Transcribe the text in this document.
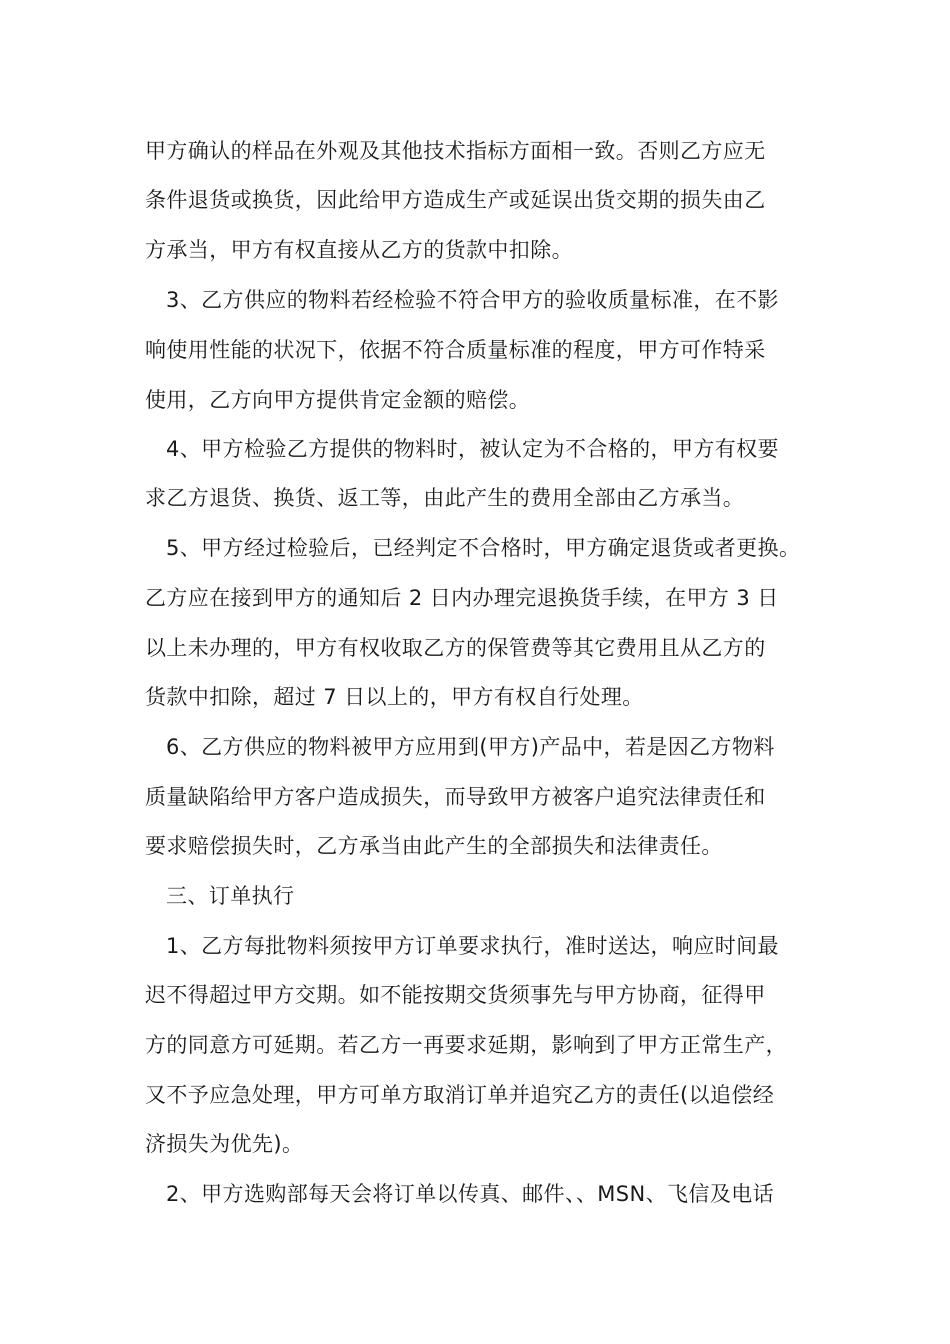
甲方确认的样品在外观及其他技术指标方面相一致。否则乙方应无
条件退货或换货，因此给甲方造成生产或延误出货交期的损失由乙
方承当，甲方有权直接从乙方的货款中扣除。
3、乙方供应的物料若经检验不符合甲方的验收质量标准，在不影
响使用性能的状况下，依据不符合质量标准的程度，甲方可作特采
使用，乙方向甲方提供肯定金额的赔偿。
4、甲方检验乙方提供的物料时，被认定为不合格的，甲方有权要
求乙方退货、换货、返工等，由此产生的费用全部由乙方承当。
5、甲方经过检验后，已经判定不合格时，甲方确定退货或者更换。
乙方应在接到甲方的通知后 2 日内办理完退换货手续，在甲方 3 日
以上未办理的，甲方有权收取乙方的保管费等其它费用且从乙方的
货款中扣除，超过 7 日以上的，甲方有权自行处理。
6、乙方供应的物料被甲方应用到(甲方)产品中，若是因乙方物料
质量缺陷给甲方客户造成损失，而导致甲方被客户追究法律责任和
要求赔偿损失时，乙方承当由此产生的全部损失和法律责任。
三、订单执行
1、乙方每批物料须按甲方订单要求执行，准时送达，响应时间最
迟不得超过甲方交期。如不能按期交货须事先与甲方协商，征得甲
方的同意方可延期。若乙方一再要求延期，影响到了甲方正常生产，
又不予应急处理，甲方可单方取消订单并追究乙方的责任(以追偿经
济损失为优先)。
2、甲方选购部每天会将订单以传真、邮件、、MSN、飞信及电话
